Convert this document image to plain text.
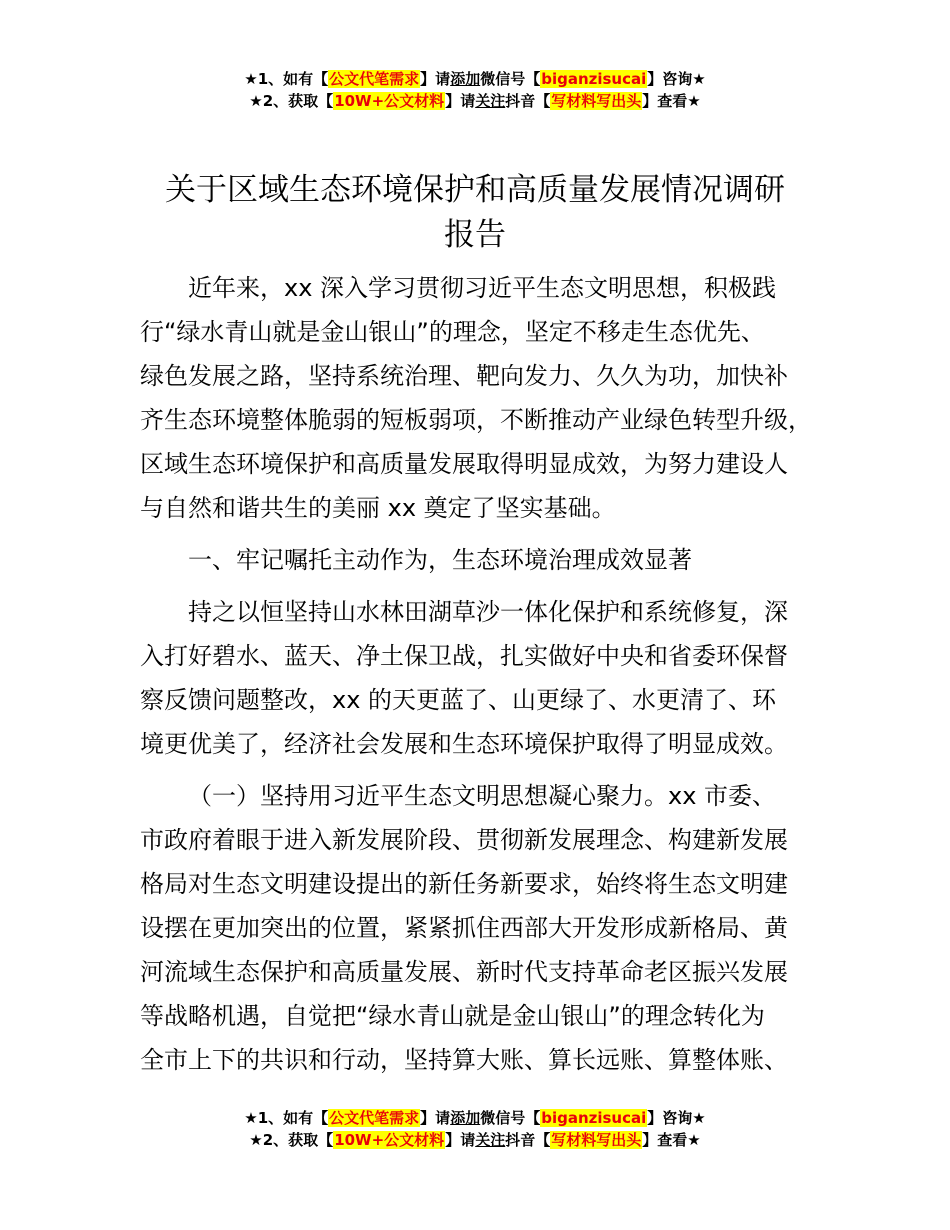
★1、如有【公文代笔需求】请添加微信号【biganzisucai】咨询★
★2、获取【10W+公文材料】请关注抖音【写材料写出头】查看★
关于区域生态环境保护和高质量发展情况调研
报告

近年来，xx 深入学习贯彻习近平生态文明思想，积极践
行“绿水青山就是金山银山”的理念，坚定不移走生态优先、
绿色发展之路，坚持系统治理、靶向发力、久久为功，加快补
齐生态环境整体脆弱的短板弱项，不断推动产业绿色转型升级，
区域生态环境保护和高质量发展取得明显成效，为努力建设人
与自然和谐共生的美丽 xx 奠定了坚实基础。

一、牢记嘱托主动作为，生态环境治理成效显著

持之以恒坚持山水林田湖草沙一体化保护和系统修复，深
入打好碧水、蓝天、净土保卫战，扎实做好中央和省委环保督
察反馈问题整改，xx 的天更蓝了、山更绿了、水更清了、环
境更优美了，经济社会发展和生态环境保护取得了明显成效。

（一）坚持用习近平生态文明思想凝心聚力。xx 市委、
市政府着眼于进入新发展阶段、贯彻新发展理念、构建新发展
格局对生态文明建设提出的新任务新要求，始终将生态文明建
设摆在更加突出的位置，紧紧抓住西部大开发形成新格局、黄
河流域生态保护和高质量发展、新时代支持革命老区振兴发展
等战略机遇，自觉把“绿水青山就是金山银山”的理念转化为
全市上下的共识和行动，坚持算大账、算长远账、算整体账、

★1、如有【公文代笔需求】请添加微信号【biganzisucai】咨询★
★2、获取【10W+公文材料】请关注抖音【写材料写出头】查看★
